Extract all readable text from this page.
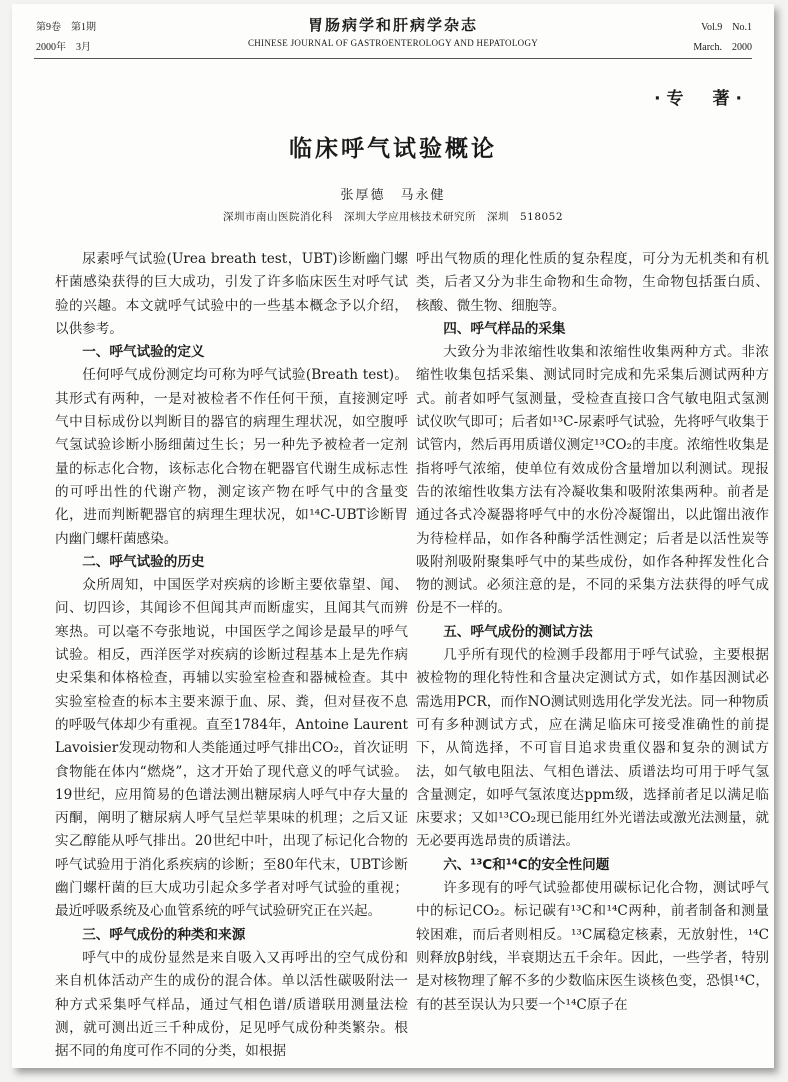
第9卷　第1期
2000年　3月
胃肠病学和肝病学杂志
CHINESE JOURNAL OF GASTROENTEROLOGY AND HEPATOLOGY
Vol.9　No.1
March.　2000
·专　著·
临床呼气试验概论
张厚德　马永健
深圳市南山医院消化科　深圳大学应用核技术研究所　深圳　518052

尿素呼气试验(Urea breath test，UBT)诊断幽门螺杆菌感染获得的巨大成功，引发了许多临床医生对呼气试验的兴趣。本文就呼气试验中的一些基本概念予以介绍，以供参考。

一、呼气试验的定义

任何呼气成份测定均可称为呼气试验(Breath test)。其形式有两种，一是对被检者不作任何干预，直接测定呼气中目标成份以判断目的器官的病理生理状况，如空腹呼气氢试验诊断小肠细菌过生长；另一种先予被检者一定剂量的标志化合物，该标志化合物在靶器官代谢生成标志性的可呼出性的代谢产物，测定该产物在呼气中的含量变化，进而判断靶器官的病理生理状况，如¹⁴C-UBT诊断胃内幽门螺杆菌感染。

二、呼气试验的历史

众所周知，中国医学对疾病的诊断主要依靠望、闻、问、切四诊，其闻诊不但闻其声而断虚实，且闻其气而辨寒热。可以毫不夸张地说，中国医学之闻诊是最早的呼气试验。相反，西洋医学对疾病的诊断过程基本上是先作病史采集和体格检查，再辅以实验室检查和器械检查。其中实验室检查的标本主要来源于血、尿、粪，但对昼夜不息的呼吸气体却少有重视。直至1784年，Antoine Laurent Lavoisier发现动物和人类能通过呼气排出CO₂，首次证明食物能在体内“燃烧”，这才开始了现代意义的呼气试验。19世纪，应用简易的色谱法测出糖尿病人呼气中存大量的丙酮，阐明了糖尿病人呼气呈烂苹果味的机理；之后又证实乙醇能从呼气排出。20世纪中叶，出现了标记化合物的呼气试验用于消化系疾病的诊断；至80年代末，UBT诊断幽门螺杆菌的巨大成功引起众多学者对呼气试验的重视；最近呼吸系统及心血管系统的呼气试验研究正在兴起。

三、呼气成份的种类和来源

呼气中的成份显然是来自吸入又再呼出的空气成份和来自机体活动产生的成份的混合体。单以活性碳吸附法一种方式采集呼气样品，通过气相色谱/质谱联用测量法检测，就可测出近三千种成份，足见呼气成份种类繁杂。根据不同的角度可作不同的分类，如根据

呼出气物质的理化性质的复杂程度，可分为无机类和有机类，后者又分为非生命物和生命物，生命物包括蛋白质、核酸、微生物、细胞等。

四、呼气样品的采集

大致分为非浓缩性收集和浓缩性收集两种方式。非浓缩性收集包括采集、测试同时完成和先采集后测试两种方式。前者如呼气氢测量，受检查直接口含气敏电阻式氢测试仪吹气即可；后者如¹³C-尿素呼气试验，先将呼气收集于试管内，然后再用质谱仪测定¹³CO₂的丰度。浓缩性收集是指将呼气浓缩，使单位有效成份含量增加以利测试。现报告的浓缩性收集方法有冷凝收集和吸附浓集两种。前者是通过各式冷凝器将呼气中的水份冷凝馏出，以此馏出液作为待检样品，如作各种酶学活性测定；后者是以活性炭等吸附剂吸附聚集呼气中的某些成份，如作各种挥发性化合物的测试。必须注意的是，不同的采集方法获得的呼气成份是不一样的。

五、呼气成份的测试方法

几乎所有现代的检测手段都用于呼气试验，主要根据被检物的理化特性和含量决定测试方式，如作基因测试必需选用PCR，而作NO测试则选用化学发光法。同一种物质可有多种测试方式，应在满足临床可接受准确性的前提下，从简选择，不可盲目追求贵重仪器和复杂的测试方法，如气敏电阻法、气相色谱法、质谱法均可用于呼气氢含量测定，如呼气氢浓度达ppm级，选择前者足以满足临床要求；又如¹³CO₂现已能用红外光谱法或激光法测量，就无必要再选昂贵的质谱法。

六、¹³C和¹⁴C的安全性问题

许多现有的呼气试验都使用碳标记化合物，测试呼气中的标记CO₂。标记碳有¹³C和¹⁴C两种，前者制备和测量较困难，而后者则相反。¹³C属稳定核素，无放射性，¹⁴C则释放β射线，半衰期达五千余年。因此，一些学者，特别是对核物理了解不多的少数临床医生谈核色变，恐惧¹⁴C，有的甚至误认为只要一个¹⁴C原子在
